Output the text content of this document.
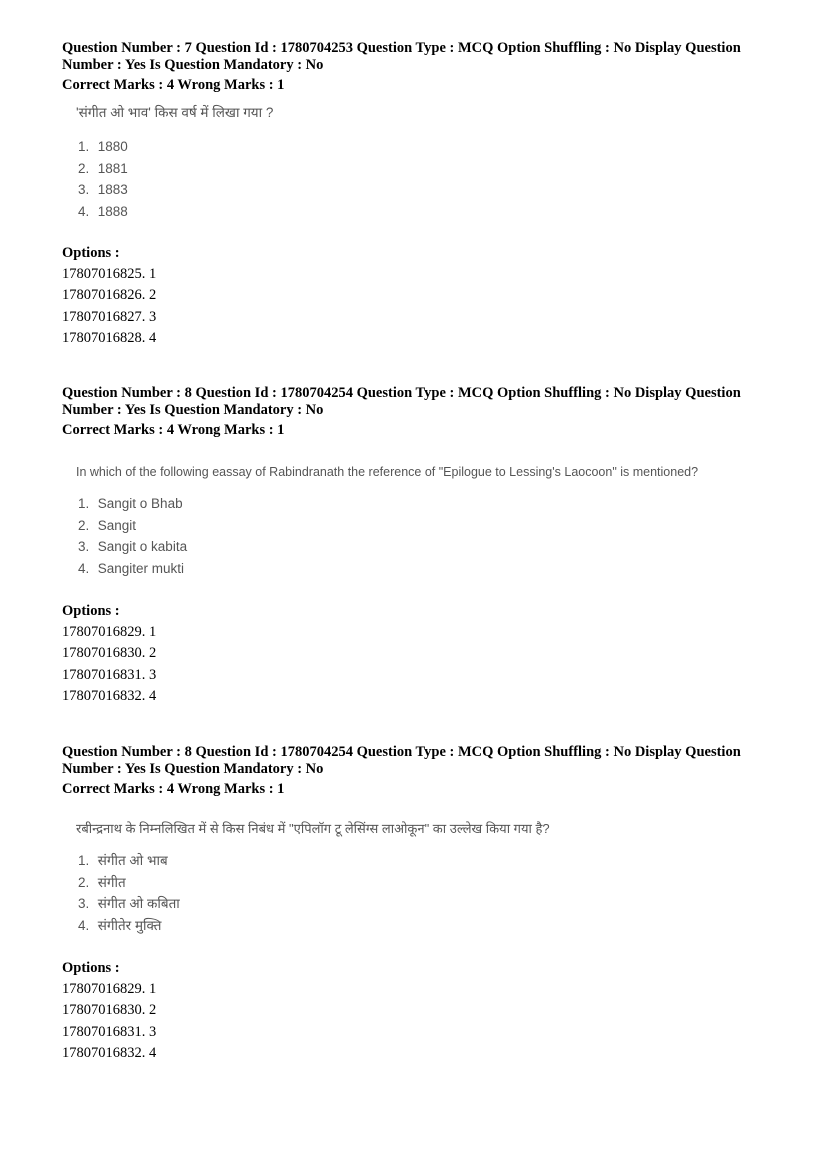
Question Number : 7 Question Id : 1780704253 Question Type : MCQ Option Shuffling : No Display Question
Number : Yes Is Question Mandatory : No

Correct Marks : 4 Wrong Marks : 1

'संगीत ओ भाव' किस वर्ष में लिखा गया ?

1. 1880
2. 1881
3. 1883
4. 1888

Options :

17807016825. 1
17807016826. 2
17807016827. 3
17807016828. 4

Question Number : 8 Question Id : 1780704254 Question Type : MCQ Option Shuffling : No Display Question
Number : Yes Is Question Mandatory : No

Correct Marks : 4 Wrong Marks : 1

In which of the following eassay of Rabindranath the reference of "Epilogue to Lessing's Laocoon" is mentioned?

1. Sangit o Bhab
2. Sangit
3. Sangit o kabita
4. Sangiter mukti

Options :

17807016829. 1
17807016830. 2
17807016831. 3
17807016832. 4

Question Number : 8 Question Id : 1780704254 Question Type : MCQ Option Shuffling : No Display Question
Number : Yes Is Question Mandatory : No

Correct Marks : 4 Wrong Marks : 1

रबीन्द्रनाथ के निम्नलिखित में से किस निबंध में "एपिलॉग टू लेसिंग्स लाओकून" का उल्लेख किया गया है?

1. संगीत ओ भाब
2. संगीत
3. संगीत ओ कबिता
4. संगीतेर मुक्ति

Options :

17807016829. 1
17807016830. 2
17807016831. 3
17807016832. 4
